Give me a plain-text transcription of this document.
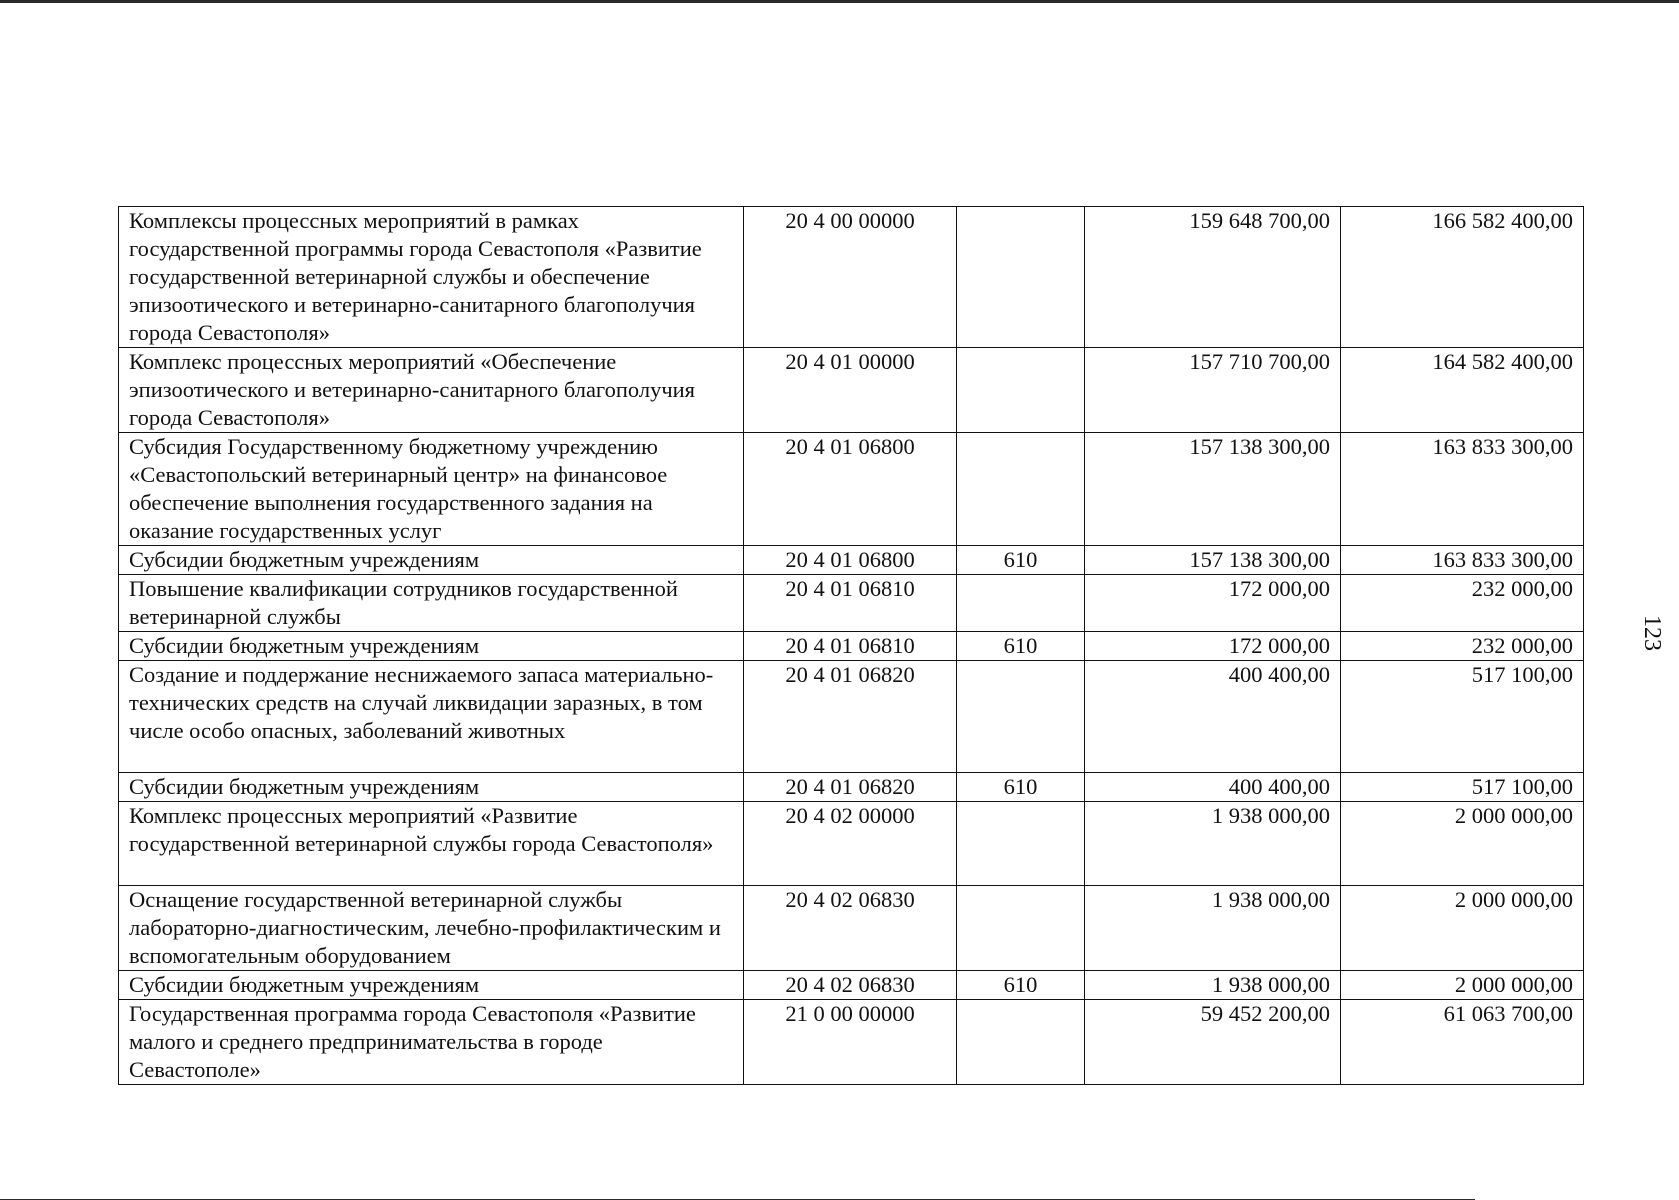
Комплексы процессных мероприятий в рамках государственной программы города Севастополя «Развитие государственной ветеринарной службы и обеспечение эпизоотического и ветеринарно-санитарного благополучия города Севастополя»	20 4 00 00000		159 648 700,00	166 582 400,00
Комплекс процессных мероприятий «Обеспечение эпизоотического и ветеринарно-санитарного благополучия города Севастополя»	20 4 01 00000		157 710 700,00	164 582 400,00
Субсидия Государственному бюджетному учреждению «Севастопольский ветеринарный центр» на финансовое обеспечение выполнения государственного задания на оказание государственных услуг	20 4 01 06800		157 138 300,00	163 833 300,00
Субсидии бюджетным учреждениям	20 4 01 06800	610	157 138 300,00	163 833 300,00
Повышение квалификации сотрудников государственной ветеринарной службы	20 4 01 06810		172 000,00	232 000,00
Субсидии бюджетным учреждениям	20 4 01 06810	610	172 000,00	232 000,00
Создание и поддержание неснижаемого запаса материально-технических средств на случай ликвидации заразных, в том числе особо опасных, заболеваний животных	20 4 01 06820		400 400,00	517 100,00
Субсидии бюджетным учреждениям	20 4 01 06820	610	400 400,00	517 100,00
Комплекс процессных мероприятий «Развитие государственной ветеринарной службы города Севастополя»	20 4 02 00000		1 938 000,00	2 000 000,00
Оснащение государственной ветеринарной службы лабораторно-диагностическим, лечебно-профилактическим и вспомогательным оборудованием	20 4 02 06830		1 938 000,00	2 000 000,00
Субсидии бюджетным учреждениям	20 4 02 06830	610	1 938 000,00	2 000 000,00
Государственная программа города Севастополя «Развитие малого и среднего предпринимательства в городе Севастополе»	21 0 00 00000		59 452 200,00	61 063 700,00
123
